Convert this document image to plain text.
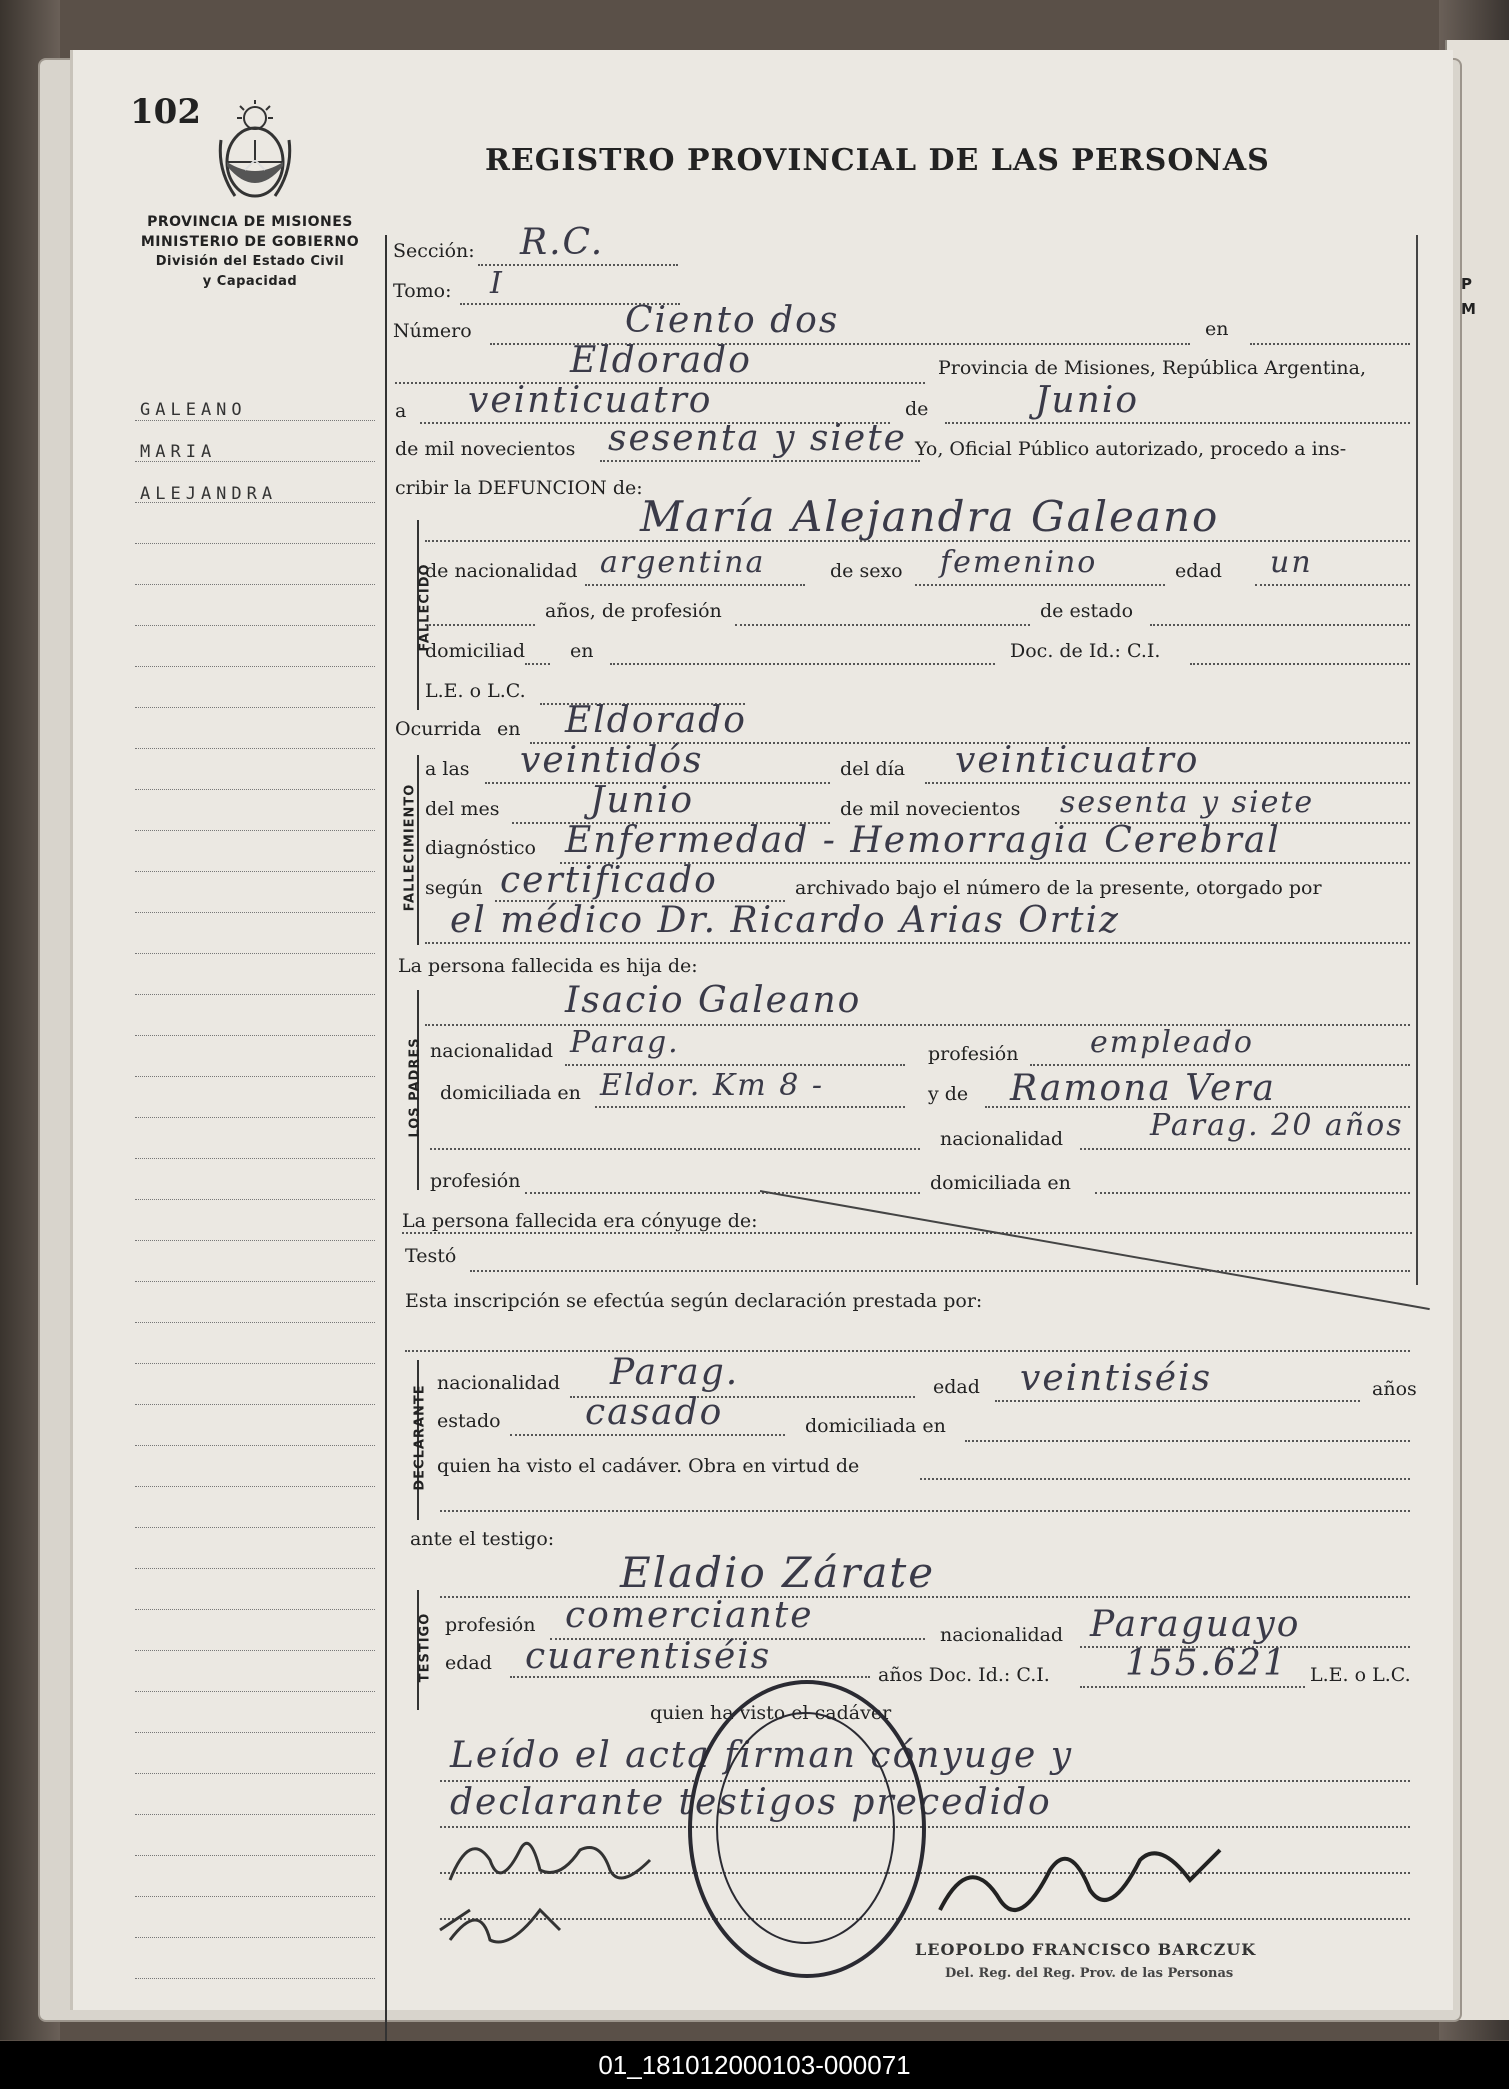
P
M
102
PROVINCIA DE MISIONES
MINISTERIO DE GOBIERNO
División del Estado Civil
y Capacidad
REGISTRO PROVINCIAL DE LAS PERSONAS
GALEANO
MARIA
ALEJANDRA
FALLECIDO
FALLECIMIENTO
LOS PADRES
DECLARANTE
TESTIGO
Sección: R.C.
Tomo: I
Número	Ciento dos	en
Eldorado	Provincia de Misiones, República Argentina,
a veinticuatro	de	Junio
de mil novecientos sesenta y siete Yo, Oficial Público autorizado, procedo a ins-
cribir la DEFUNCION de:
María Alejandra Galeano
de nacionalidad argentina	de sexo femenino	edad un
años, de profesión	de estado
domiciliad en	Doc. de Id.: C.I.
L.E. o L.C.
Ocurrida en Eldorado
a las veintidós	del día veinticuatro
del mes	Junio	de mil novecientos sesenta y siete
diagnóstico Enfermedad - Hemorragia Cerebral
según certificado	archivado bajo el número de la presente, otorgado por
el médico Dr. Ricardo Arias Ortiz
La persona fallecida es hija de:
Isacio Galeano
nacionalidad Parag.	profesión empleado
domiciliada en Eldor. Km 8 -	y de Ramona Vera
nacionalidad	Parag. 20 años
profesión	domiciliada en
La persona fallecida era cónyuge de:
Testó
Esta inscripción se efectúa según declaración prestada por:
nacionalidad Parag.	edad veintiséis	años
estado casado	domiciliada en
quien ha visto el cadáver. Obra en virtud de
ante el testigo:
Eladio Zárate
profesión comerciante	nacionalidad Paraguayo
edad cuarentiséis	años Doc. Id.: C.I. 155.621 L.E. o L.C.
quien ha visto el cadáver
Leído el acta firman cónyuge y
declarante testigos precedido
LEOPOLDO FRANCISCO BARCZUK
Del. Reg. del Reg. Prov. de las Personas
01_181012000103-000071
